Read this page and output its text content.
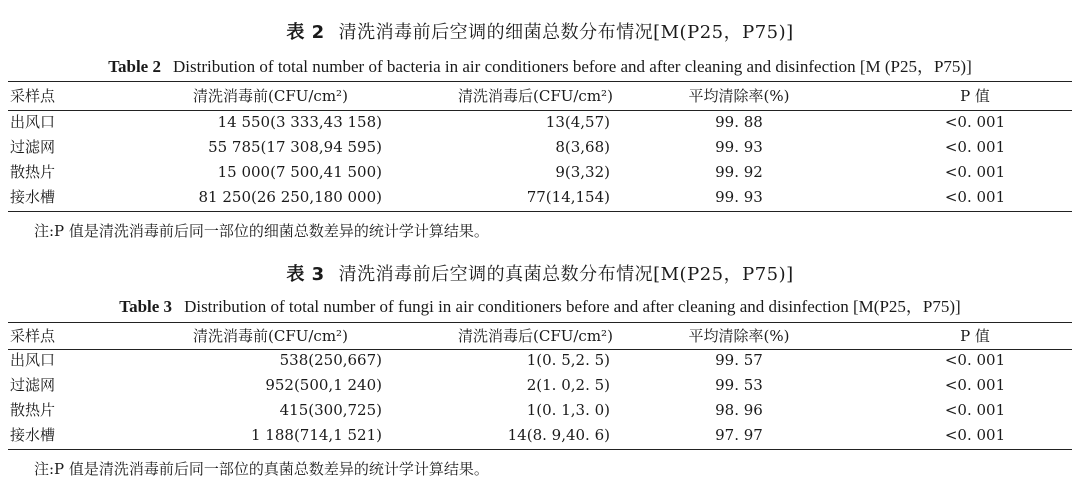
表 2 清洗消毒前后空调的细菌总数分布情况[M(P25，P75)]
Table 2 Distribution of total number of bacteria in air conditioners before and after cleaning and disinfection [M (P25，P75)]
采样点	清洗消毒前(CFU/cm²)	清洗消毒后(CFU/cm²)	平均清除率(%)	P 值
出风口	14 550(3 333,43 158)	13(4,57)	99. 88	<0. 001
过滤网	55 785(17 308,94 595)	8(3,68)	99. 93	<0. 001
散热片	15 000(7 500,41 500)	9(3,32)	99. 92	<0. 001
接水槽	81 250(26 250,180 000)	77(14,154)	99. 93	<0. 001
注:P 值是清洗消毒前后同一部位的细菌总数差异的统计学计算结果。
表 3 清洗消毒前后空调的真菌总数分布情况[M(P25，P75)]
Table 3 Distribution of total number of fungi in air conditioners before and after cleaning and disinfection [M(P25，P75)]
采样点	清洗消毒前(CFU/cm²)	清洗消毒后(CFU/cm²)	平均清除率(%)	P 值
出风口	538(250,667)	1(0. 5,2. 5)	99. 57	<0. 001
过滤网	952(500,1 240)	2(1. 0,2. 5)	99. 53	<0. 001
散热片	415(300,725)	1(0. 1,3. 0)	98. 96	<0. 001
接水槽	1 188(714,1 521)	14(8. 9,40. 6)	97. 97	<0. 001
注:P 值是清洗消毒前后同一部位的真菌总数差异的统计学计算结果。
